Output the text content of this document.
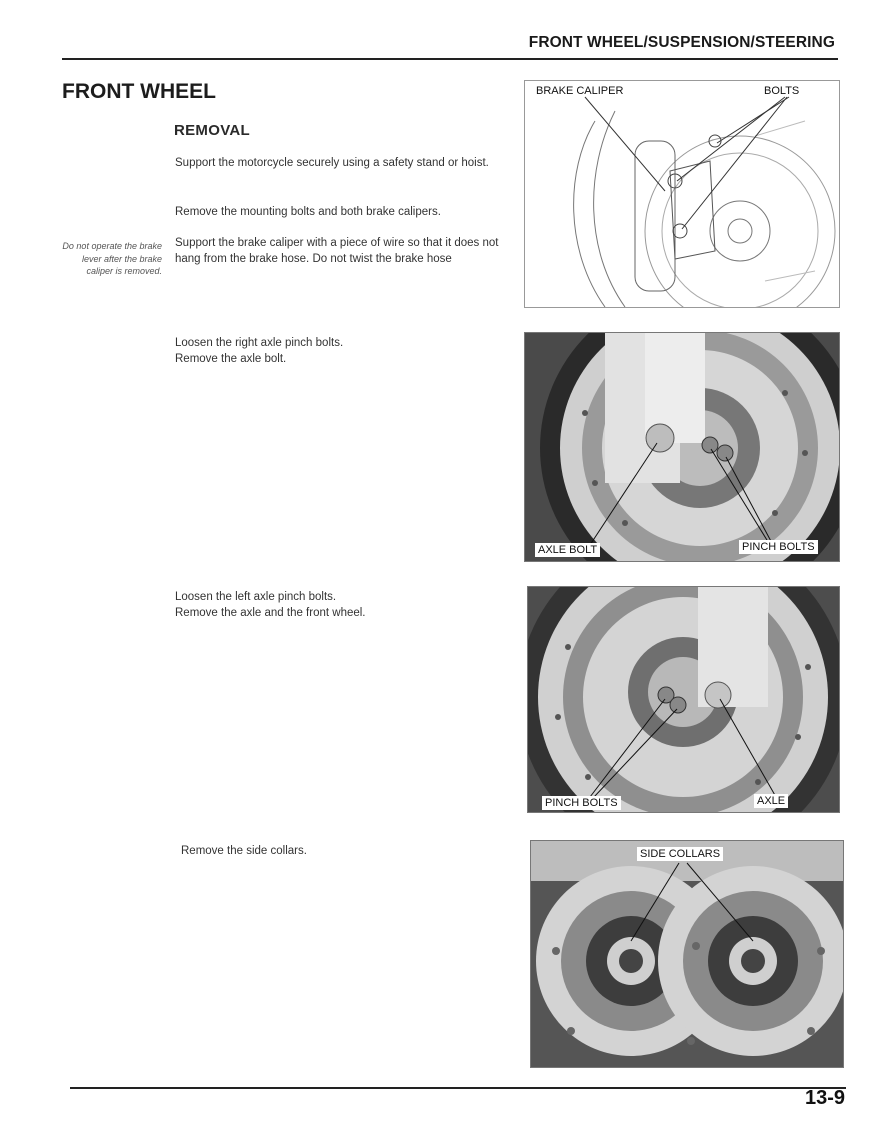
FRONT WHEEL/SUSPENSION/STEERING
FRONT WHEEL
REMOVAL
Support the motorcycle securely using a safety stand or hoist.
Remove the mounting bolts and both brake calipers.
Support the brake caliper with a piece of wire so that it does not hang from the brake hose. Do not twist the brake hose
Do not operate the brake lever after the brake caliper is removed.
Loosen the right axle pinch bolts.
Remove the axle bolt.
Loosen the left axle pinch bolts.
Remove the axle and the front wheel.
Remove the side collars.
BRAKE CALIPER	BOLTS
AXLE BOLT	PINCH BOLTS
PINCH BOLTS	AXLE
SIDE COLLARS
13-9
